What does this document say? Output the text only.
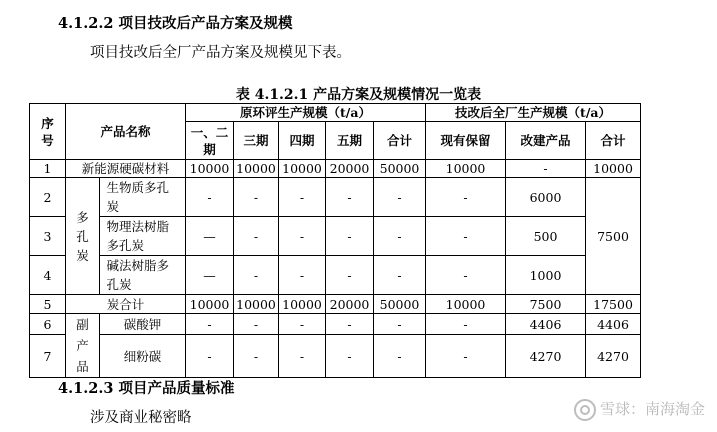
4.1.2.2 项目技改后产品方案及规模
项目技改后全厂产品方案及规模见下表。
表 4.1.2.1 产品方案及规模情况一览表
序
号	产品名称		原环评生产规模（t/a）					技改后全厂生产规模（t/a）		

			一、二
期	三期	四期	五期	合计	现有保留	改建产品	合计
1	新能源硬碳材料		10000	10000	10000	20000	50000	10000	-	10000
2	多
孔
炭	生物质多孔炭	-	-	-	-	-	-	6000	7500
3		物理法树脂多孔炭	—	-	-	-	-	-	500	
4		碱法树脂多孔炭	—	-	-	-	-	-	1000	
5	炭合计		10000	10000	10000	20000	50000	10000	7500	17500
6	副
产
品	碳酸钾	-	-	-	-	-	-	4406	4406
7		细粉碳	-	-	-	-	-	-	4270	4270
4.1.2.3 项目产品质量标准
涉及商业秘密略	雪球：南海淘金
